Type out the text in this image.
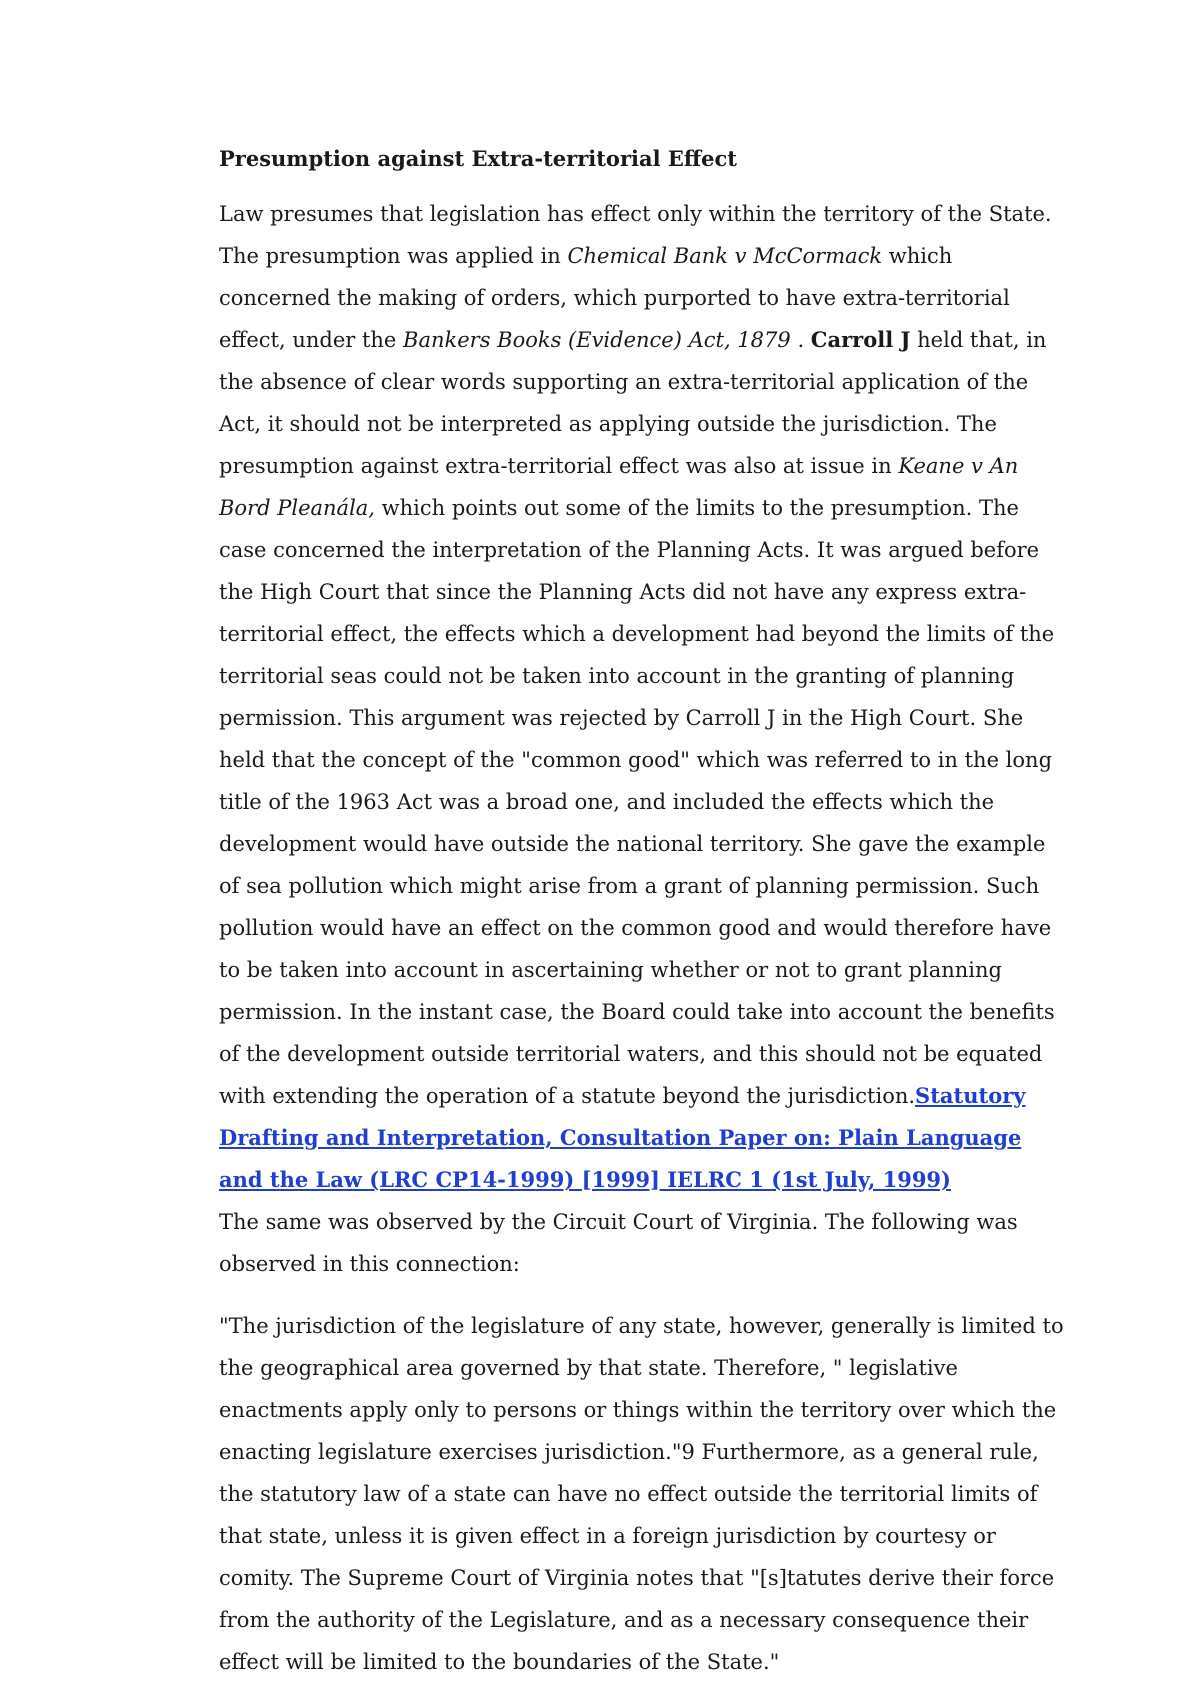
Presumption against Extra-territorial Effect

Law presumes that legislation has effect only within the territory of the State. The presumption was applied in Chemical Bank v McCormack which concerned the making of orders, which purported to have extra-territorial effect, under the Bankers Books (Evidence) Act, 1879 . Carroll J held that, in the absence of clear words supporting an extra-territorial application of the Act, it should not be interpreted as applying outside the jurisdiction. The presumption against extra-territorial effect was also at issue in Keane v An Bord Pleanála, which points out some of the limits to the presumption. The case concerned the interpretation of the Planning Acts. It was argued before the High Court that since the Planning Acts did not have any express extra-territorial effect, the effects which a development had beyond the limits of the territorial seas could not be taken into account in the granting of planning permission. This argument was rejected by Carroll J in the High Court. She held that the concept of the "common good" which was referred to in the long title of the 1963 Act was a broad one, and included the effects which the development would have outside the national territory. She gave the example of sea pollution which might arise from a grant of planning permission. Such pollution would have an effect on the common good and would therefore have to be taken into account in ascertaining whether or not to grant planning permission. In the instant case, the Board could take into account the benefits of the development outside territorial waters, and this should not be equated with extending the operation of a statute beyond the jurisdiction.Statutory Drafting and Interpretation, Consultation Paper on: Plain Language and the Law (LRC CP14-1999) [1999] IELRC 1 (1st July, 1999)

The same was observed by the Circuit Court of Virginia. The following was observed in this connection:

"The jurisdiction of the legislature of any state, however, generally is limited to the geographical area governed by that state. Therefore, " legislative enactments apply only to persons or things within the territory over which the enacting legislature exercises jurisdiction."9 Furthermore, as a general rule, the statutory law of a state can have no effect outside the territorial limits of that state, unless it is given effect in a foreign jurisdiction by courtesy or comity. The Supreme Court of Virginia notes that "[s]tatutes derive their force from the authority of the Legislature, and as a necessary consequence their effect will be limited to the boundaries of the State."
